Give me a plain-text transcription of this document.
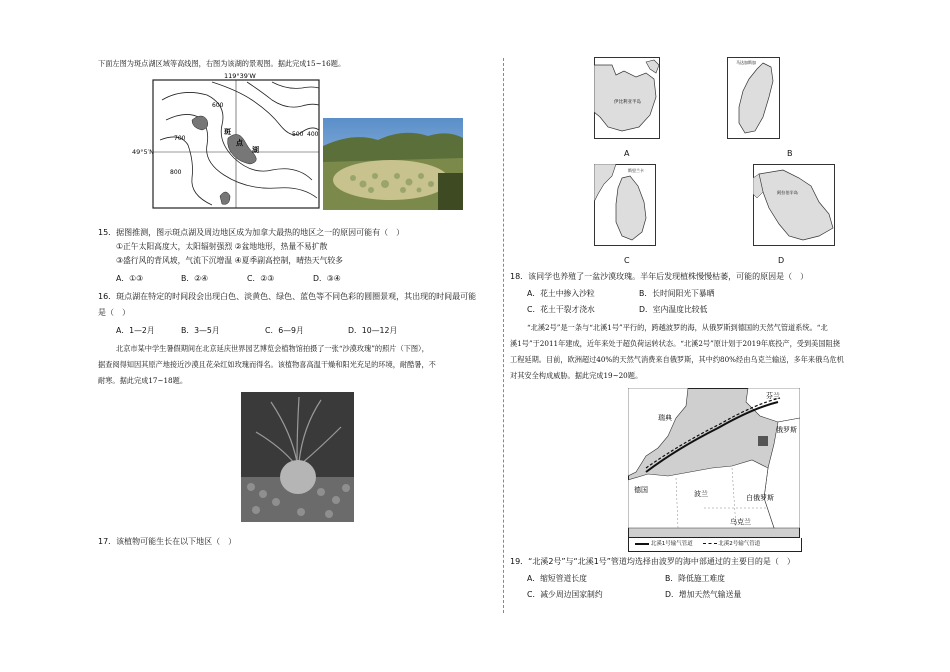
下面左图为斑点湖区域等高线图，右图为该湖的景观图。据此完成15~16题。
119°39′W
600
700
800
500 400
斑
点
湖
49°5′N
15．据图推测，图示斑点湖及周边地区成为加拿大最热的地区之一的原因可能有（　）
①正午太阳高度大，太阳辐射强烈 ②盆地地形，热量不易扩散
③盛行风的背风坡，气流下沉增温 ④夏季副高控制，晴热天气较多
A．①③	B．②④	C．②③	D．③④
16．斑点湖在特定的时间段会出现白色、淡黄色、绿色、蓝色等不同色彩的圆圈景观，其出现的时间最可能
是（　）
A．1—2月	B．3—5月	C．6—9月	D．10—12月
北京市某中学生暑假期间在北京延庆世界园艺博览会植物馆拍摄了一张“沙漠玫瑰”的照片（下图），
据查阅得知因其原产地接近沙漠且花朵红如玫瑰而得名。该植物喜高温干燥和阳光充足的环境，耐酷暑，不
耐寒。据此完成17~18题。
17．该植物可能生长在以下地区（　）
伊比利亚半岛
A
马达加斯加
B
斯里兰卡
C
阿拉伯半岛
D
18．该同学也养殖了一盆沙漠玫瑰。半年后发现植株慢慢枯萎，可能的原因是（　）
A．花土中掺入沙粒	B．长时间阳光下暴晒
C．花土干裂才浇水	D．室内温度比较低
“北溪2号”是一条与“北溪1号”平行的，跨越波罗的海，从俄罗斯到德国的天然气管道系统。“北
溪1号”于2011年建成，近年来处于超负荷运转状态。“北溪2号”原计划于2019年底投产，受到美国阻挠
工程延期。目前，欧洲超过40%的天然气消费来自俄罗斯，其中约80%经由乌克兰输送，多年来俄乌危机
对其安全构成威胁。据此完成19~20题。
瑞典
芬兰
俄罗斯
德国	波兰	白俄罗斯
乌克兰
北溪1号输气管道	北溪2号输气管道
19．“北溪2号”与“北溪1号”管道均选择由波罗的海中部通过的主要目的是（　）
A．缩短管道长度	B．降低施工难度
C．减少周边国家制约	D．增加天然气输送量
